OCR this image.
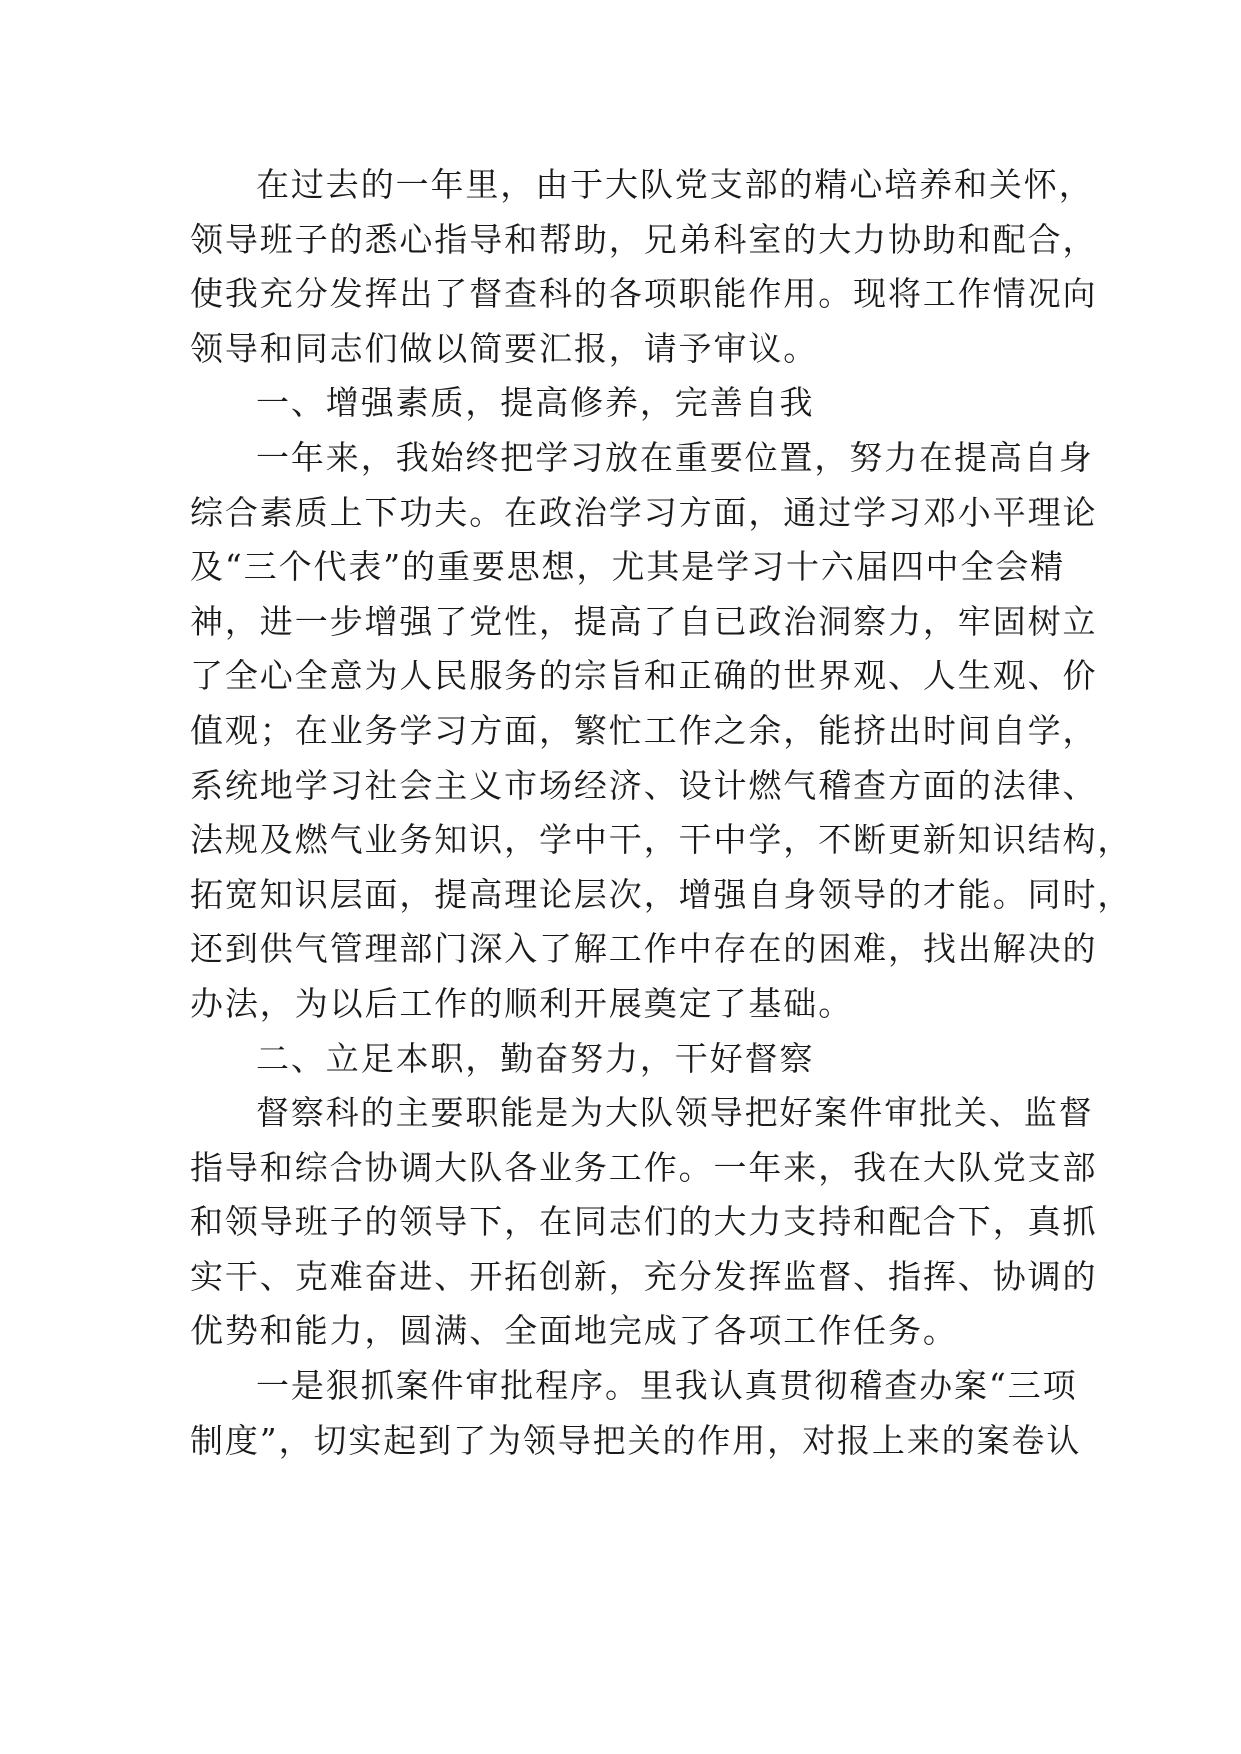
在过去的一年里，由于大队党支部的精心培养和关怀，
领导班子的悉心指导和帮助，兄弟科室的大力协助和配合，
使我充分发挥出了督查科的各项职能作用。现将工作情况向
领导和同志们做以简要汇报，请予审议。
一、增强素质，提高修养，完善自我
一年来，我始终把学习放在重要位置，努力在提高自身
综合素质上下功夫。在政治学习方面，通过学习邓小平理论
及“三个代表”的重要思想，尤其是学习十六届四中全会精
神，进一步增强了党性，提高了自已政治洞察力，牢固树立
了全心全意为人民服务的宗旨和正确的世界观、人生观、价
值观；在业务学习方面，繁忙工作之余，能挤出时间自学，
系统地学习社会主义市场经济、设计燃气稽查方面的法律、
法规及燃气业务知识，学中干，干中学，不断更新知识结构，
拓宽知识层面，提高理论层次，增强自身领导的才能。同时，
还到供气管理部门深入了解工作中存在的困难，找出解决的
办法，为以后工作的顺利开展奠定了基础。
二、立足本职，勤奋努力，干好督察
督察科的主要职能是为大队领导把好案件审批关、监督
指导和综合协调大队各业务工作。一年来，我在大队党支部
和领导班子的领导下，在同志们的大力支持和配合下，真抓
实干、克难奋进、开拓创新，充分发挥监督、指挥、协调的
优势和能力，圆满、全面地完成了各项工作任务。
一是狠抓案件审批程序。里我认真贯彻稽查办案“三项
制度”，切实起到了为领导把关的作用，对报上来的案卷认
